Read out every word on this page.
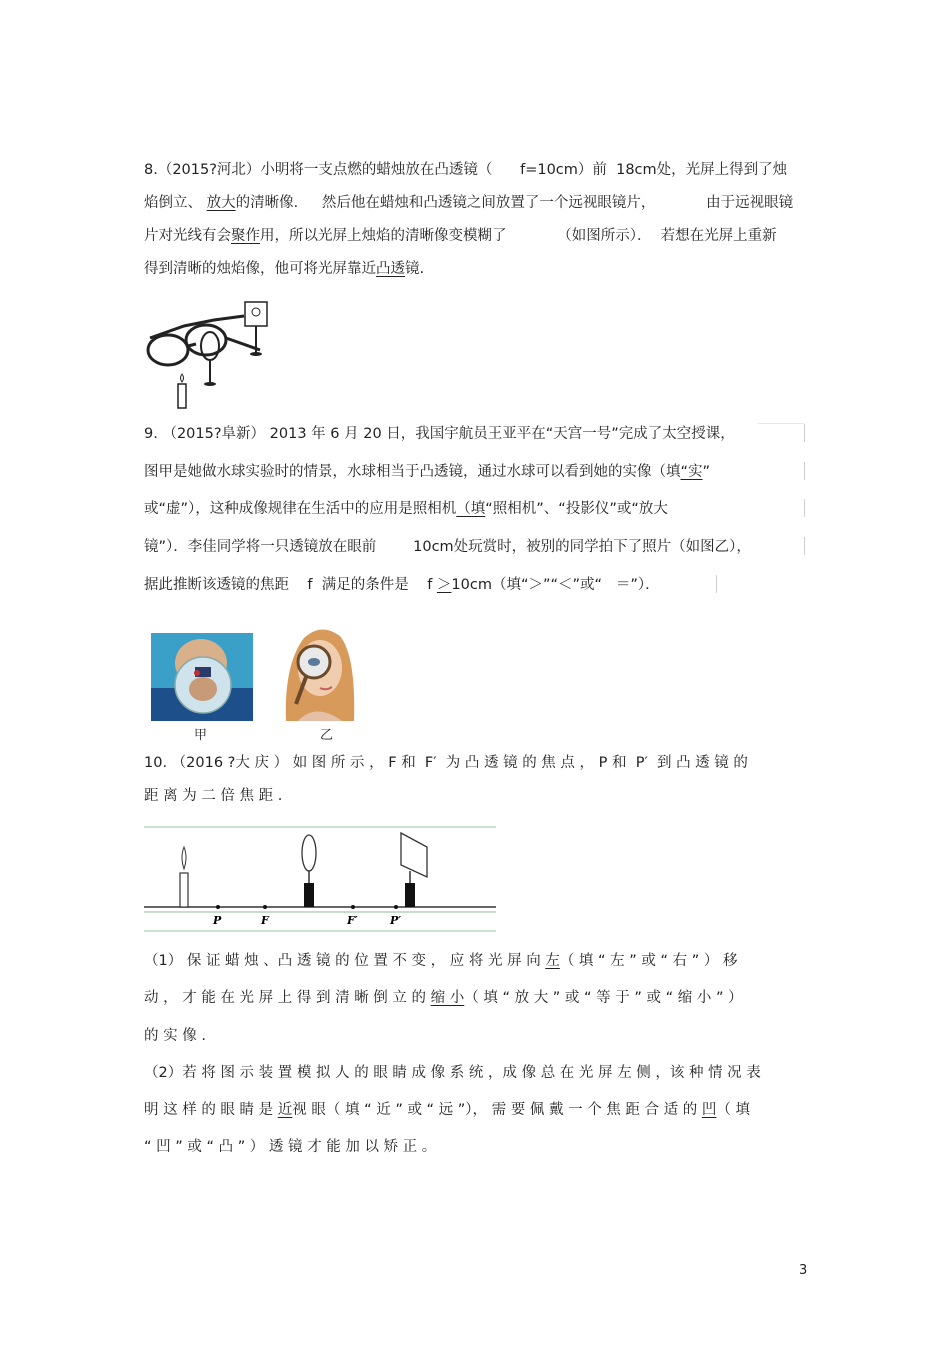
8.（2015?河北）小明将一支点燃的蜡烛放在凸透镜（      f=10cm）前  18cm处，光屏上得到了烛
焰倒立、 放大的清晰像．   然后他在蜡烛和凸透镜之间放置了一个远视眼镜片，           由于远视眼镜
片对光线有会聚作用，所以光屏上烛焰的清晰像变模糊了           （如图所示）．  若想在光屏上重新
得到清晰的烛焰像，他可将光屏靠近凸透镜.
9. （2015?阜新） 2013 年 6 月 20 日，我国宇航员王亚平在“天宫一号”完成了太空授课，
图甲是她做水球实验时的情景，水球相当于凸透镜，通过水球可以看到她的实像（填“实”
或“虚”），这种成像规律在生活中的应用是照相机（填“照相机”、“投影仪”或“放大
镜”）．李佳同学将一只透镜放在眼前        10cm处玩赏时，被别的同学拍下了照片（如图乙），
据此推断该透镜的焦距    f  满足的条件是    f ＞10cm（填“＞”“＜”或“   ＝”）．
甲	乙
10. （2016 ?大 庆 ） 如 图 所 示 ， F 和  F′  为 凸 透 镜 的 焦 点 ， P 和  P′  到 凸 透 镜 的
距 离 为 二 倍 焦 距 .
P	F	F′	P′
（1） 保 证 蜡 烛 、凸 透 镜 的 位 置 不 变 ， 应 将 光 屏 向 左（ 填 “ 左 ” 或 “ 右 ” ） 移
动 ， 才 能 在 光 屏 上 得 到 清 晰 倒 立 的 缩 小（ 填 “ 放 大 ” 或 “ 等 于 ” 或 “ 缩 小 ” ）
的 实 像 .
（2）若 将 图 示 装 置 模 拟 人 的 眼 睛 成 像 系 统 ，成 像 总 在 光 屏 左 侧 ，该 种 情 况 表
明 这 样 的 眼 睛 是 近视 眼（ 填 “ 近 ” 或 “ 远 ”）， 需 要 佩 戴 一 个 焦 距 合 适 的 凹（ 填
“ 凹 ” 或 “ 凸 ” ） 透 镜 才 能 加 以 矫 正 。
3
